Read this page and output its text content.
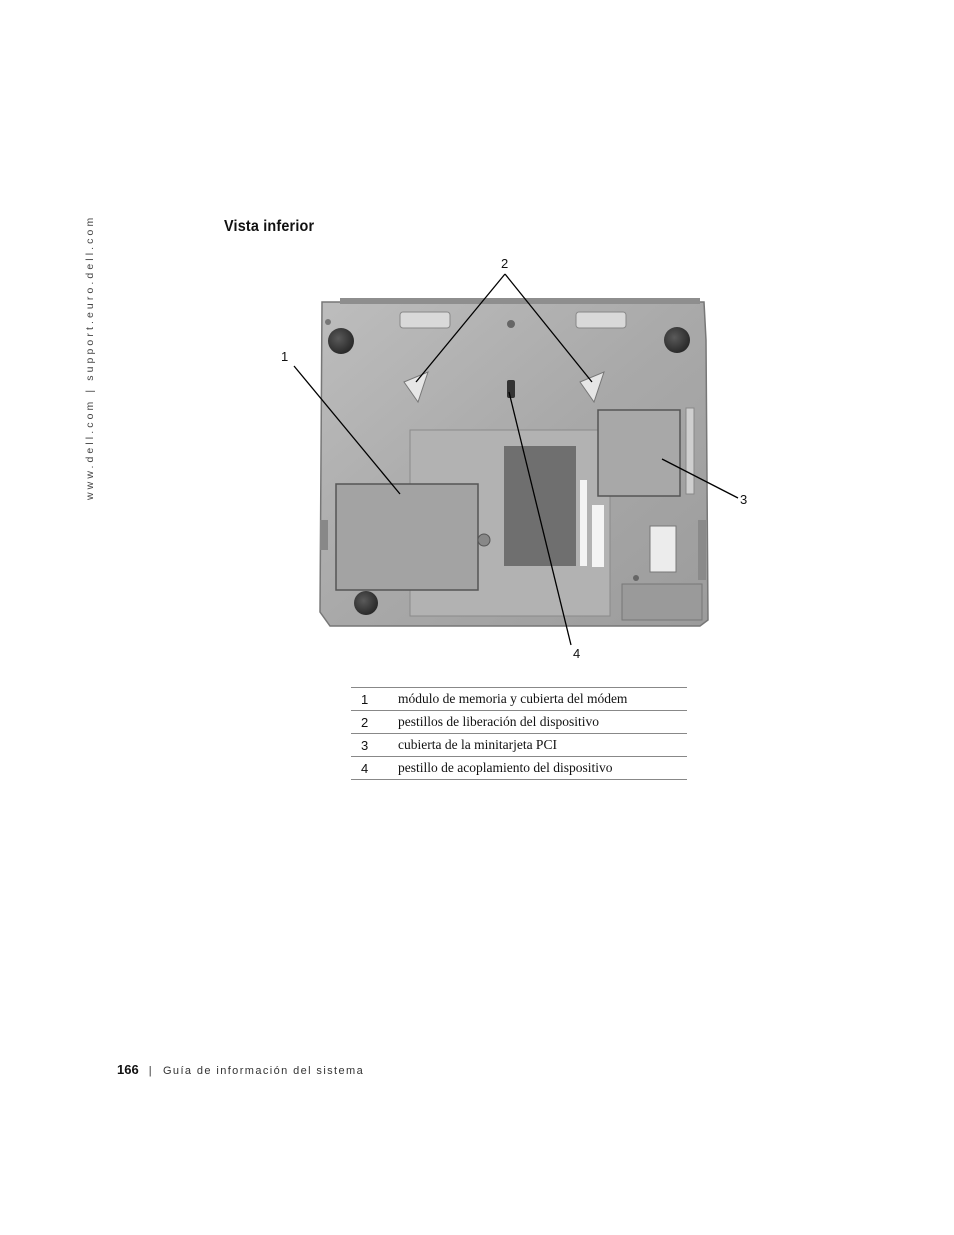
www.dell.com | support.euro.dell.com	Vista inferior
1
2
3
4
1	módulo de memoria y cubierta del módem
2	pestillos de liberación del dispositivo
3	cubierta de la minitarjeta PCI
4	pestillo de acoplamiento del dispositivo
166 | Guía de información del sistema
